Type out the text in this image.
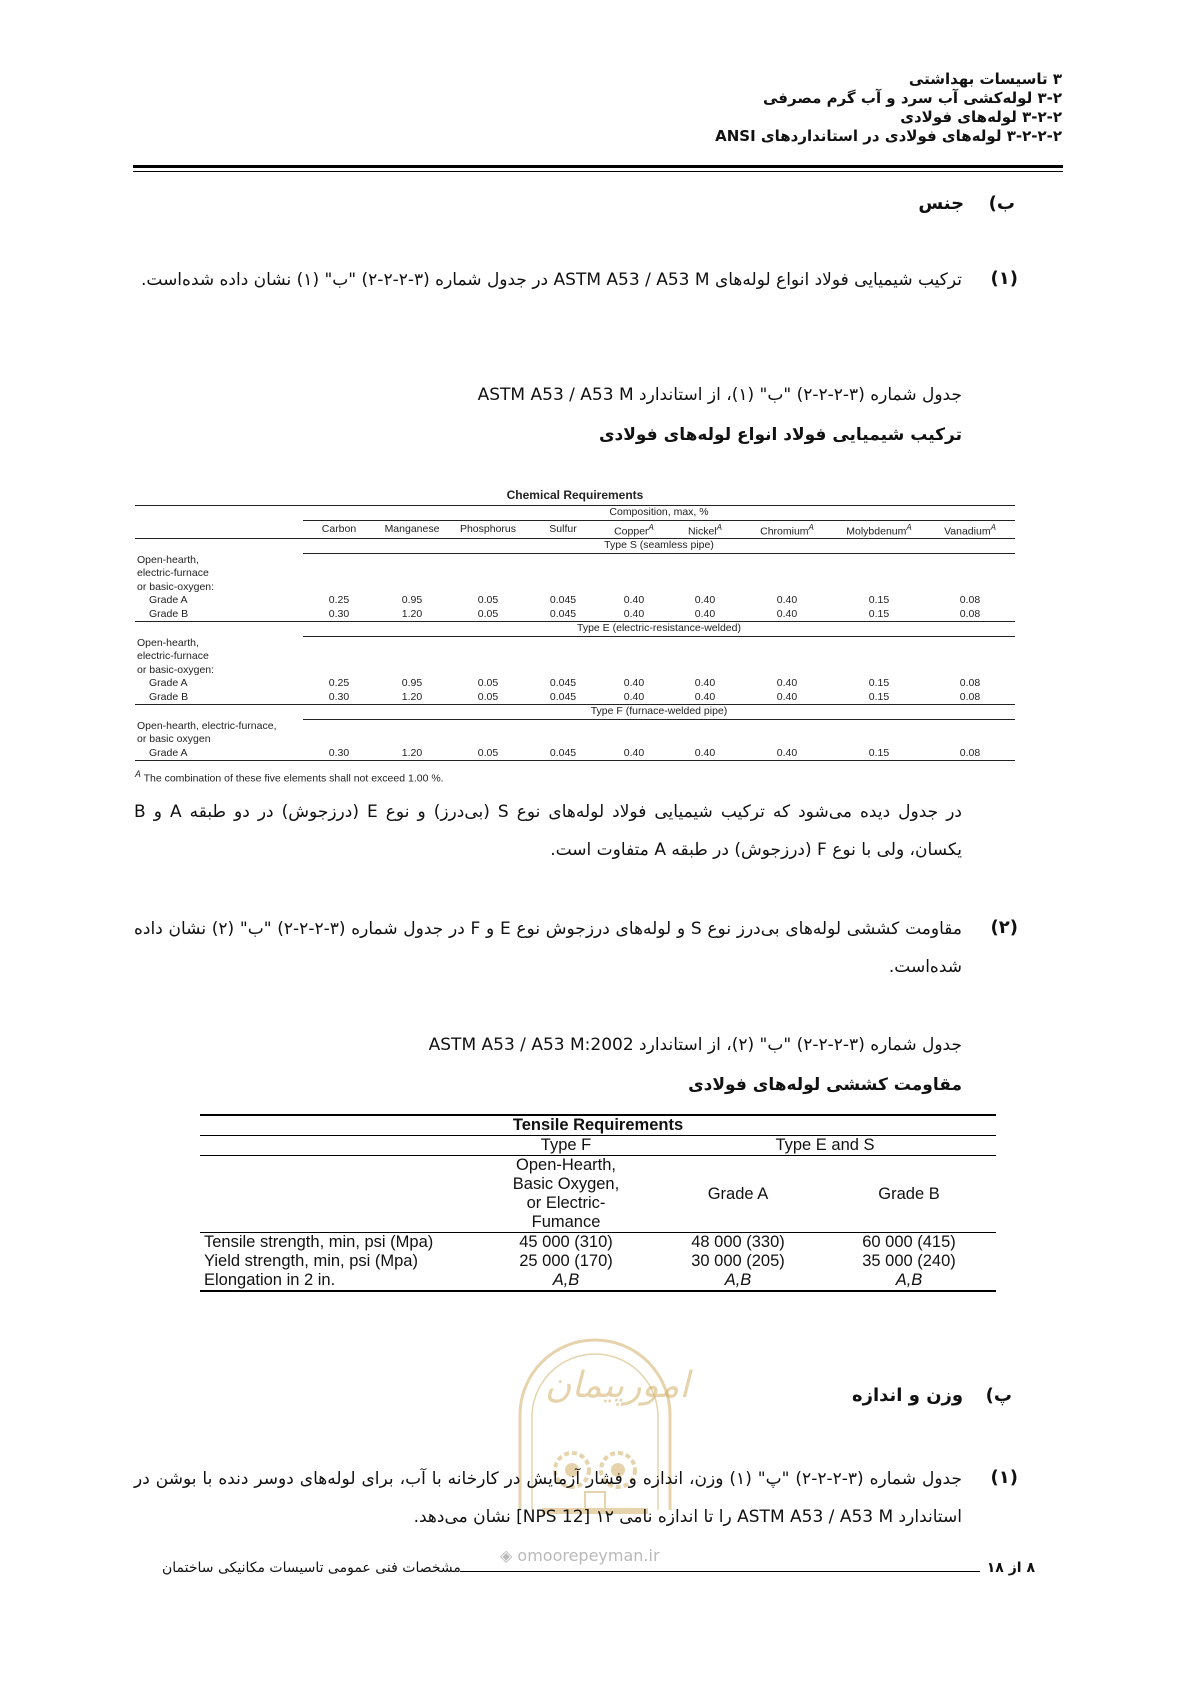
۳ تاسیسات بهداشتی
۳-۲ لوله‌کشی آب سرد و آب گرم مصرفی
۳-۲-۲ لوله‌های فولادی
۳-۲-۲-۲ لوله‌های فولادی در استانداردهای ANSI
ب)  جنس
(۱)
ترکیب شیمیایی فولاد انواع لوله‌های ASTM A53 / A53 M در جدول شماره (۳-۲-۲-۲) "ب" (۱) نشان داده شده‌است.
جدول شماره (۳-۲-۲-۲) "ب" (۱)، از استاندارد ASTM A53 / A53 M
ترکیب شیمیایی فولاد انواع لوله‌های فولادی
Chemical Requirements									
	Composition, max, %								
	Carbon	Manganese	Phosphorus	Sulfur	Copper$^A$	Nickel$^A$	Chromium$^A$	Molybdenum$^A$	Vanadium$^A$
	Type S (seamless pipe)								
Open-hearth,									
electric-furnace									
or basic-oxygen:									
Grade A	0.25	0.95	0.05	0.045	0.40	0.40	0.40	0.15	0.08
Grade B	0.30	1.20	0.05	0.045	0.40	0.40	0.40	0.15	0.08
	Type E (electric-resistance-welded)								
Open-hearth,									
electric-furnace									
or basic-oxygen:									
Grade A	0.25	0.95	0.05	0.045	0.40	0.40	0.40	0.15	0.08
Grade B	0.30	1.20	0.05	0.045	0.40	0.40	0.40	0.15	0.08
	Type F (furnace-welded pipe)								
Open-hearth, electric-furnace,									
or basic oxygen									
Grade A	0.30	1.20	0.05	0.045	0.40	0.40	0.40	0.15	0.08
$^A$ The combination of these five elements shall not exceed 1.00 %.
در جدول دیده می‌شود که ترکیب شیمیایی فولاد لوله‌های نوع S (بی‌درز) و نوع E (درزجوش) در دو طبقه A و B یکسان، ولی با نوع F (درزجوش) در طبقه A متفاوت است.
(۲)
مقاومت کششی لوله‌های بی‌درز نوع S و لوله‌های درزجوش نوع E و F در جدول شماره (۳-۲-۲-۲) "ب" (۲) نشان داده شده‌است.
جدول شماره (۳-۲-۲-۲) "ب" (۲)، از استاندارد ASTM A53 / A53 M:2002
مقاومت کششی لوله‌های فولادی
Tensile Requirements			
	Type F	Type E and S	

	Open-Hearth,
Basic Oxygen,
or Electric-
Fumance	Grade A	Grade B
Tensile strength, min, psi (Mpa)	45 000 (310)	48 000 (330)	60 000 (415)
Yield strength, min, psi (Mpa)	25 000 (170)	30 000 (205)	35 000 (240)
Elongation in 2 in.	A,B	A,B	A,B
امورپیمان
◈ omoorepeyman.ir
پ)  وزن و اندازه
(۱)
جدول شماره (۳-۲-۲-۲) "پ" (۱) وزن، اندازه و فشار آزمایش در کارخانه با آب، برای لوله‌های دوسر دنده با بوشن در استاندارد ASTM A53 / A53 M را تا اندازه نامی ۱۲ [NPS 12] نشان می‌دهد.
مشخصات فنی عمومی تاسیسات مکانیکی ساختمان	۸ از ۱۸
